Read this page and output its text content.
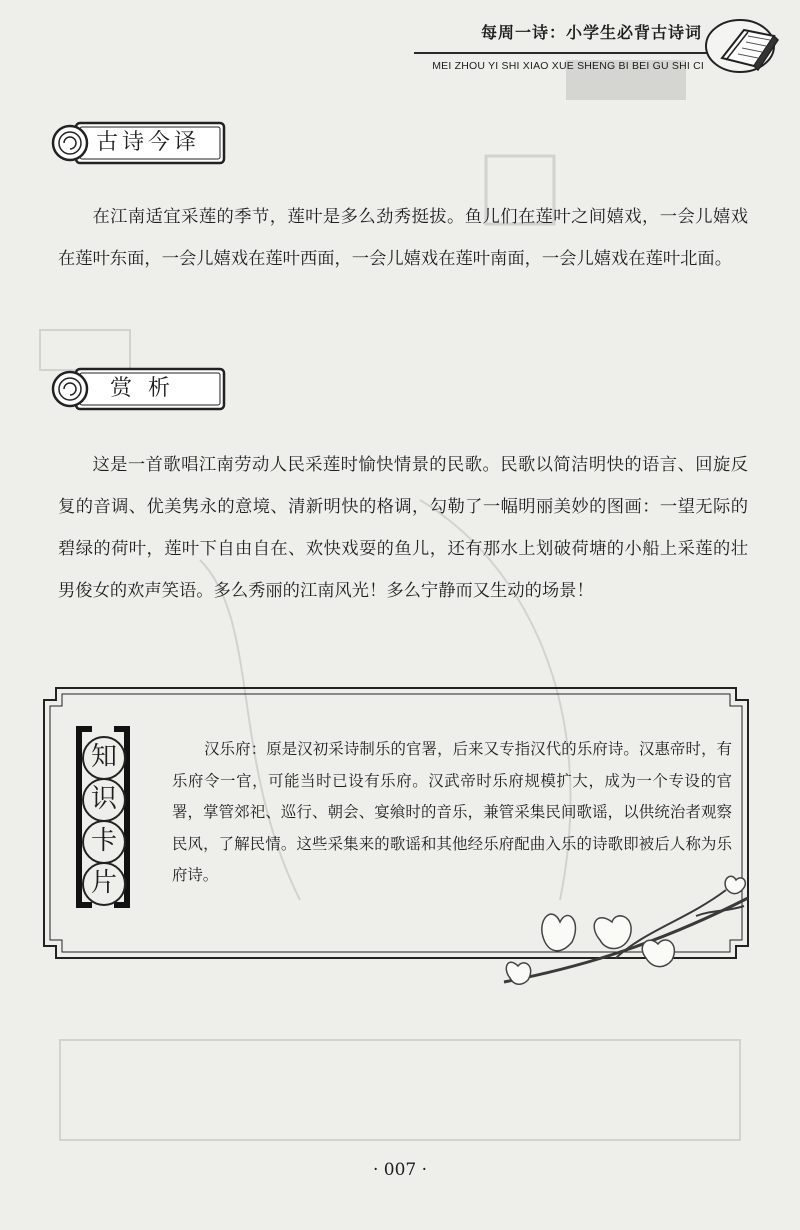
每周一诗：小学生必背古诗词
MEI ZHOU YI SHI XIAO XUE SHENG BI BEI GU SHI CI
古诗今译
在江南适宜采莲的季节，莲叶是多么劲秀挺拔。鱼儿们在莲叶之间嬉戏，一会儿嬉戏在莲叶东面，一会儿嬉戏在莲叶西面，一会儿嬉戏在莲叶南面，一会儿嬉戏在莲叶北面。
赏析
这是一首歌唱江南劳动人民采莲时愉快情景的民歌。民歌以简洁明快的语言、回旋反复的音调、优美隽永的意境、清新明快的格调，勾勒了一幅明丽美妙的图画：一望无际的碧绿的荷叶，莲叶下自由自在、欢快戏耍的鱼儿，还有那水上划破荷塘的小船上采莲的壮男俊女的欢声笑语。多么秀丽的江南风光！多么宁静而又生动的场景！
知
识
卡
片
汉乐府：原是汉初采诗制乐的官署，后来又专指汉代的乐府诗。汉惠帝时，有乐府令一官，可能当时已设有乐府。汉武帝时乐府规模扩大，成为一个专设的官署，掌管郊祀、巡行、朝会、宴飨时的音乐，兼管采集民间歌谣，以供统治者观察民风，了解民情。这些采集来的歌谣和其他经乐府配曲入乐的诗歌即被后人称为乐府诗。
· 007 ·
